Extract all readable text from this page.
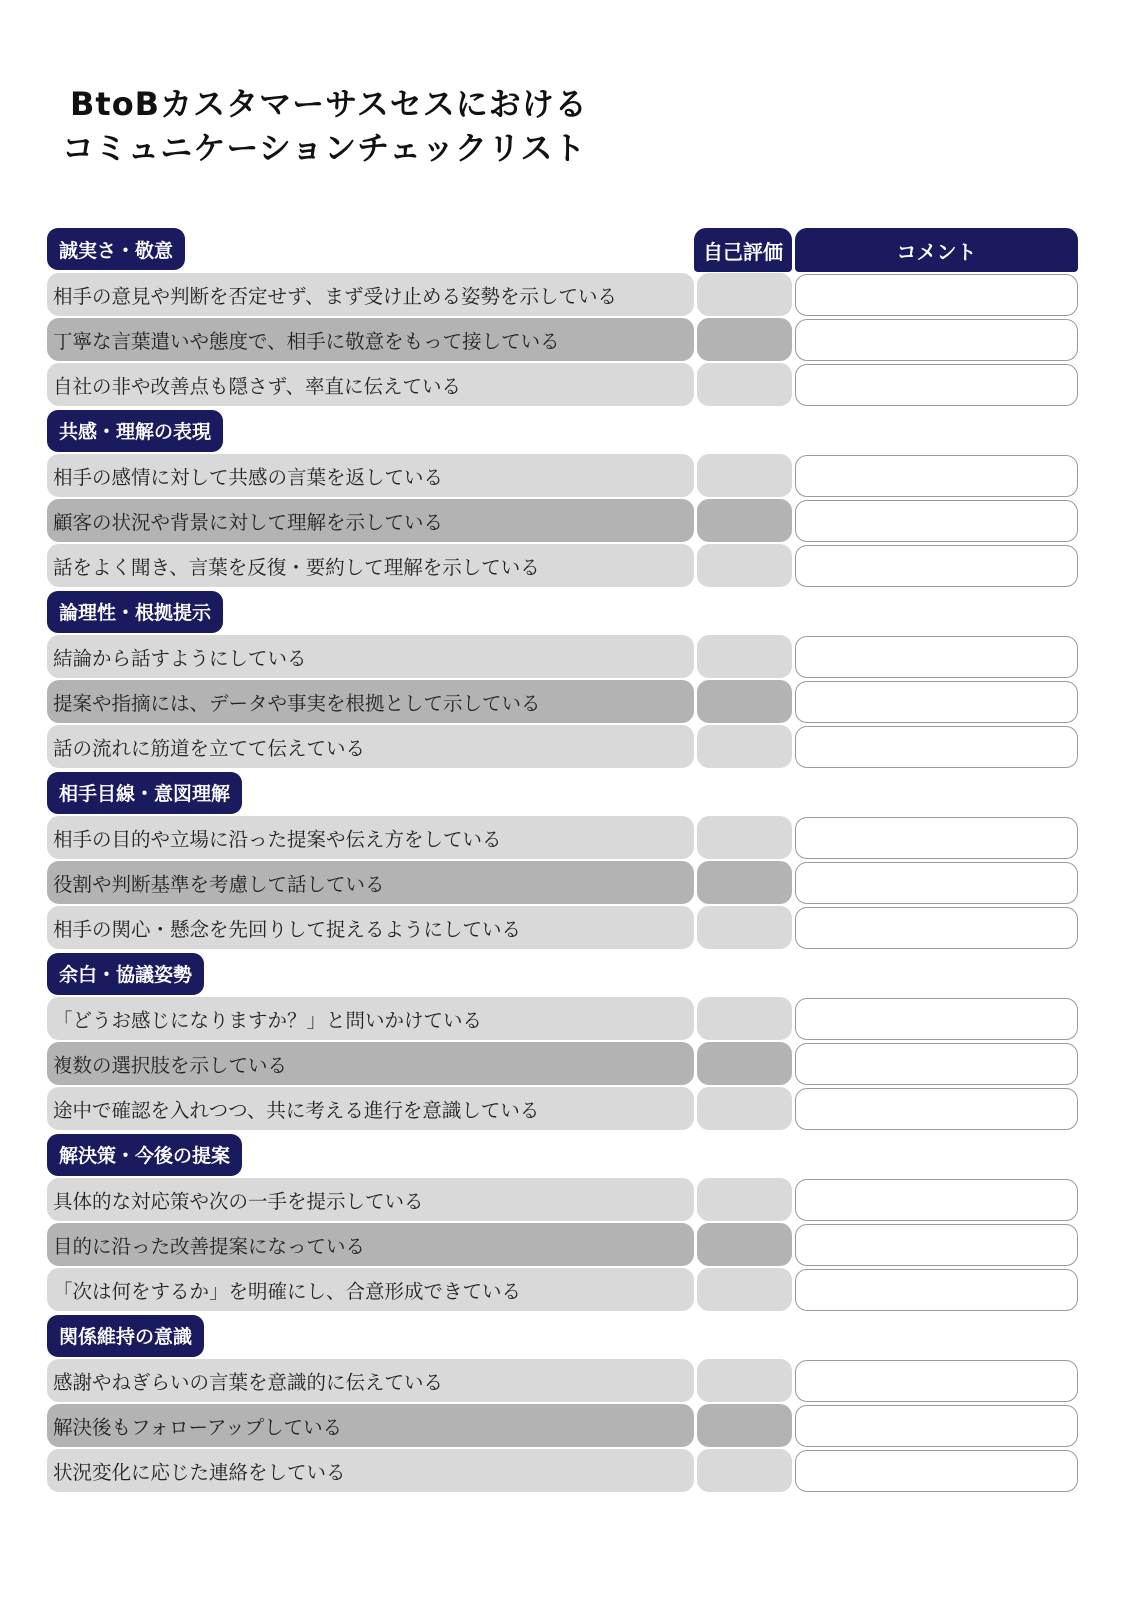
BtoBカスタマーサスセスにおける
コミュニケーションチェックリスト
誠実さ・敬意	自己評価	コメント
相手の意見や判断を否定せず、まず受け止める姿勢を示している
丁寧な言葉遣いや態度で、相手に敬意をもって接している
自社の非や改善点も隠さず、率直に伝えている
共感・理解の表現
相手の感情に対して共感の言葉を返している
顧客の状況や背景に対して理解を示している
話をよく聞き、言葉を反復・要約して理解を示している
論理性・根拠提示
結論から話すようにしている
提案や指摘には、データや事実を根拠として示している
話の流れに筋道を立てて伝えている
相手目線・意図理解
相手の目的や立場に沿った提案や伝え方をしている
役割や判断基準を考慮して話している
相手の関心・懸念を先回りして捉えるようにしている
余白・協議姿勢
「どうお感じになりますか？」と問いかけている
複数の選択肢を示している
途中で確認を入れつつ、共に考える進行を意識している
解決策・今後の提案
具体的な対応策や次の一手を提示している
目的に沿った改善提案になっている
「次は何をするか」を明確にし、合意形成できている
関係維持の意識
感謝やねぎらいの言葉を意識的に伝えている
解決後もフォローアップしている
状況変化に応じた連絡をしている
